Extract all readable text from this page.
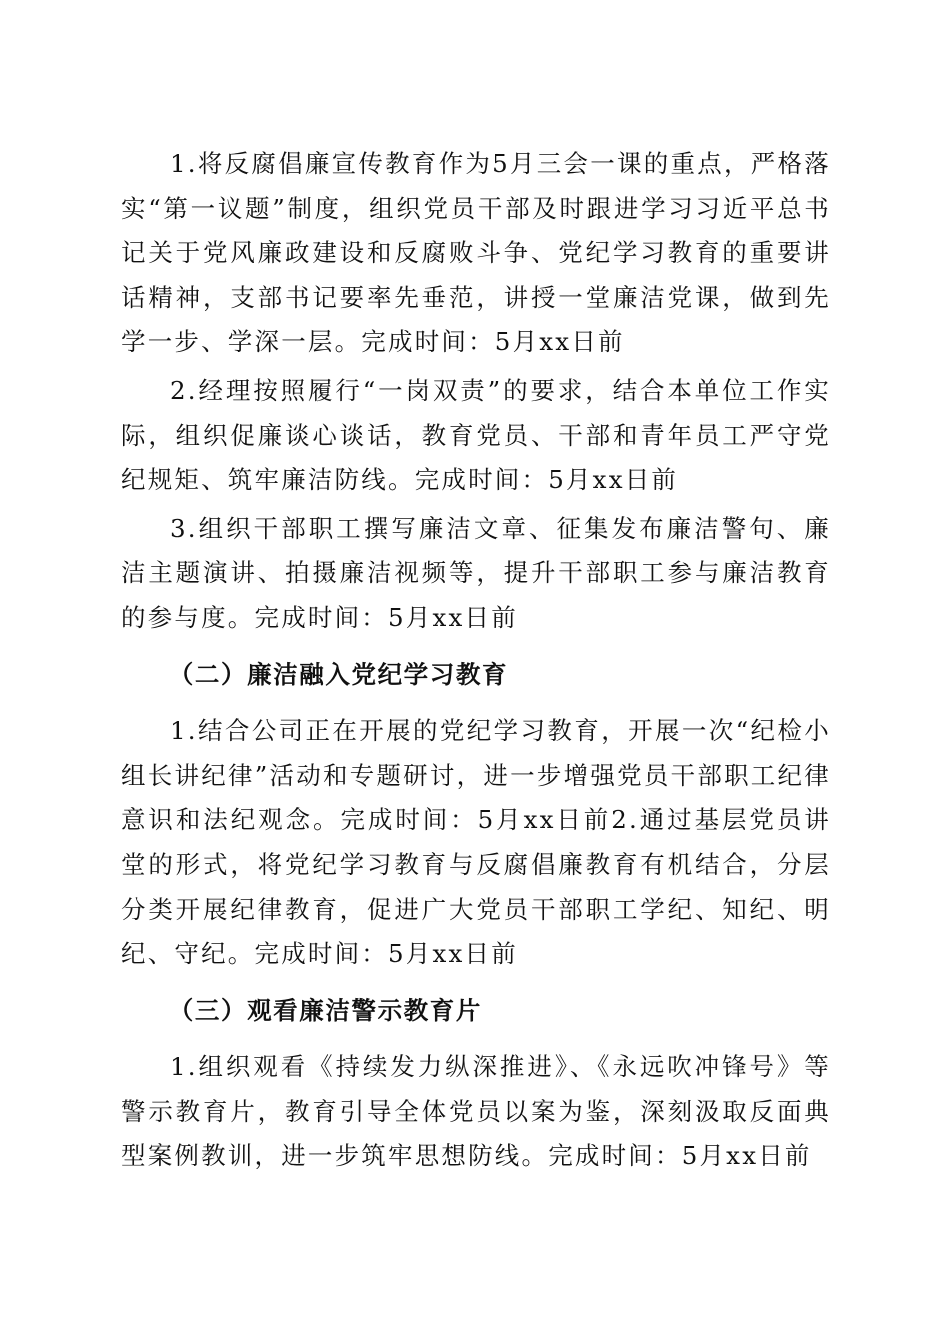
1.将反腐倡廉宣传教育作为5月三会一课的重点，严格落实“第一议题”制度，组织党员干部及时跟进学习习近平总书记关于党风廉政建设和反腐败斗争、党纪学习教育的重要讲话精神，支部书记要率先垂范，讲授一堂廉洁党课，做到先学一步、学深一层。完成时间：5月xx日前

2.经理按照履行“一岗双责”的要求，结合本单位工作实际，组织促廉谈心谈话，教育党员、干部和青年员工严守党纪规矩、筑牢廉洁防线。完成时间：5月xx日前

3.组织干部职工撰写廉洁文章、征集发布廉洁警句、廉洁主题演讲、拍摄廉洁视频等，提升干部职工参与廉洁教育的参与度。完成时间：5月xx日前

（二）廉洁融入党纪学习教育

1.结合公司正在开展的党纪学习教育，开展一次“纪检小组长讲纪律”活动和专题研讨，进一步增强党员干部职工纪律意识和法纪观念。完成时间：5月xx日前2.通过基层党员讲堂的形式，将党纪学习教育与反腐倡廉教育有机结合，分层分类开展纪律教育，促进广大党员干部职工学纪、知纪、明纪、守纪。完成时间：5月xx日前

（三）观看廉洁警示教育片

1.组织观看《持续发力纵深推进》、《永远吹冲锋号》等警示教育片，教育引导全体党员以案为鉴，深刻汲取反面典型案例教训，进一步筑牢思想防线。完成时间：5月xx日前
